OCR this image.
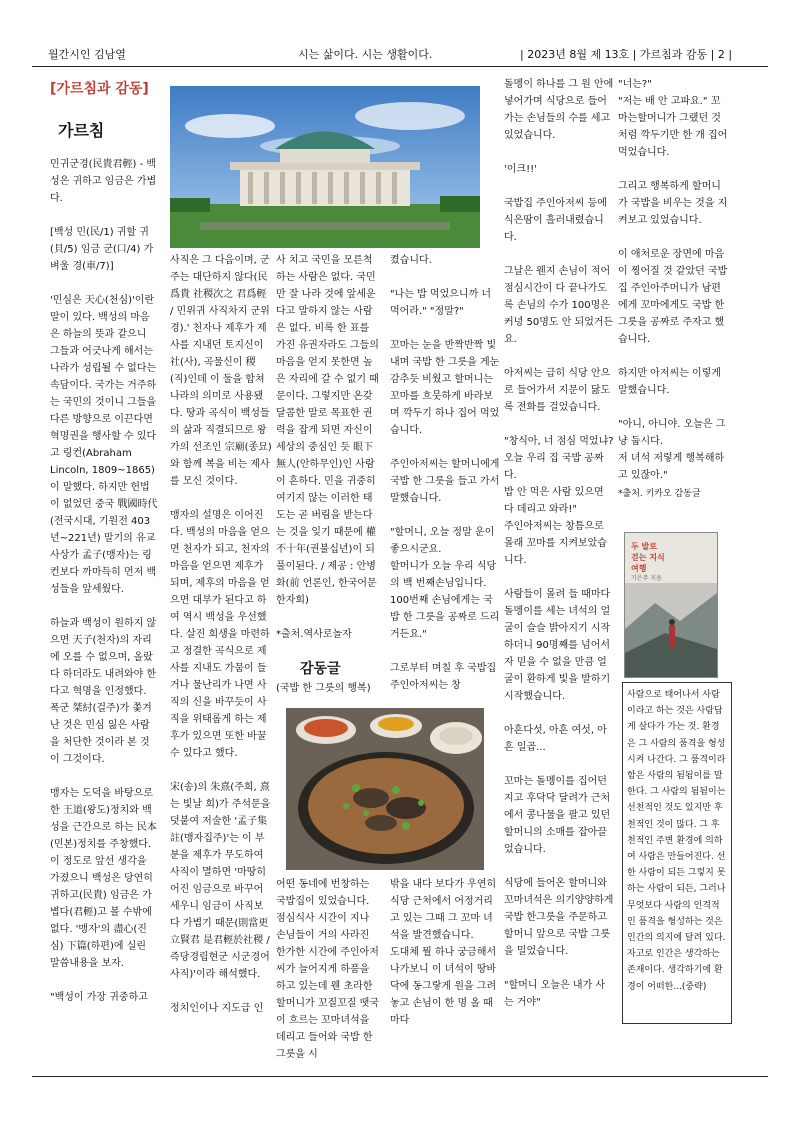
월간시인 김남열	시는 삶이다. 시는 생활이다.	| 2023년 8월 제 13호 | 가르침과 감동 | 2 |
[가르침과 감동]
가르침

민귀군경(民貴君輕) - 백성은 귀하고 임금은 가볍다.

[백성 민(民/1) 귀할 귀(貝/5) 임금 군(口/4) 가벼울 경(車/7)]

'민심은 天心(천심)'이란 말이 있다. 백성의 마음은 하늘의 뜻과 같으니 그들과 어긋나게 해서는 나라가 성립될 수 없다는 속담이다. 국가는 거주하는 국민의 것이니 그들을 다른 방향으로 이끈다면 혁명권을 행사할 수 있다고 링컨(Abraham Lincoln, 1809~1865)이 말했다. 하지만 헌법이 없었던 중국 戰國時代(전국시대, 기원전 403년~221년) 말기의 유교 사상가 孟子(맹자)는 링컨보다 까마득히 먼저 백성들을 앞세웠다.

하늘과 백성이 원하지 않으면 天子(천자)의 자리에 오를 수 없으며, 올랐다 하더라도 내려와야 한다고 혁명을 인정했다. 폭군 桀紂(걸주)가 쫓겨난 것은 민심 잃은 사람을 처단한 것이라 본 것이 그것이다.

맹자는 도덕을 바탕으로 한 王道(왕도)정치와 백성을 근간으로 하는 民本(민본)정치를 주창했다. 이 정도로 앞선 생각을 가졌으니 백성은 당연히 귀하고(民貴) 임금은 가볍다(君輕)고 볼 수밖에 없다. '맹자'의 盡心(진심) 下篇(하편)에 실린 말씀내용을 보자.

"백성이 가장 귀중하고

사직은 그 다음이며, 군주는 대단하지 않다(民爲貴 社稷次之 君爲輕 / 민위귀 사직차지 군위경).' 천자나 제후가 제사를 지내던 토지신이 社(사), 곡물신이 稷(직)인데 이 둘을 합쳐 나라의 의미로 사용됐다. 땅과 곡식이 백성들의 삶과 직결되므로 왕가의 선조인 宗廟(종묘)와 함께 복을 비는 제사를 모신 것이다.

맹자의 설명은 이어진다. 백성의 마음을 얻으면 천자가 되고, 천자의 마음을 얻으면 제후가 되며, 제후의 마음을 얻으면 대부가 된다고 하여 역시 백성을 우선했다. 살진 희생을 마련하고 정결한 곡식으로 제사를 지내도 가뭄이 들거나 물난리가 나면 사직의 신을 바꾸듯이 사직을 위태롭게 하는 제후가 있으면 또한 바꿀 수 있다고 했다.

宋(송)의 朱熹(주희, 熹는 빛날 희)가 주석문을 덧붙여 저술한 '孟子集註(맹자집주)'는 이 부분을 제후가 무도하여 사직이 멸하면 '마땅히 어진 임금으로 바꾸어 세우니 임금이 사직보다 가볍기 때문(則當更立賢君 是君輕於社稷 / 즉당경립현군 시군경어사직)'이라 해석했다.

정치인이나 지도급 인

사 치고 국민을 모른척 하는 사람은 없다. 국민만 잘 나라 것에 앞세운다고 말하지 않는 사람은 없다. 비록 한 표를 가진 유권자라도 그들의 마음을 얻지 못한면 높은 자리에 갈 수 없기 때문이다. 그렇지만 온갖 달콤한 말로 목표한 권력을 잡게 되면 자신이 세상의 중심인 듯 眼下無人(안하무인)인 사람이 흔하다. 민을 귀중히 여기지 않는 이러한 태도는 곧 버림을 받는다는 것을 잊기 때문에 權不十年(권불십년)이 되풀이된다. / 제공 : 안병화(前 언론인, 한국어문한자회)

*출처.역사로놀자

감동글
(국밥 한 그릇의 행복)

어떤 동네에 번창하는 국밥집이 있었습니다. 점심식사 시간이 지나 손님들이 거의 사라진 한가한 시간에 주인아저씨가 늘어지게 하품을 하고 있는데 웬 초라한 할머니가 꼬질꼬질 땟국이 흐르는 꼬마녀석을 데리고 들어와 국밥 한 그릇을 시

켰습니다.

"나는 밥 먹었으니까 너 먹어라." "정말?"

꼬마는 눈을 반짝반짝 빛내며 국밥 한 그릇을 게눈 감추듯 비웠고 할머니는 꼬마를 흐뭇하게 바라보며 깍두기 하나 집어 먹었습니다.

주인아저씨는 할머니에게 국밥 한 그릇을 들고 가서 말했습니다.

"할머니, 오늘 정말 운이 좋으시군요.

할머니가 오늘 우리 식당의 백 번째손님입니다.

100번째 손님에게는 국밥 한 그릇을 공짜로 드리거든요."

그로부터 며칠 후 국밥집 주인아저씨는 창

밖을 내다 보다가 우연히 식당 근처에서 어정거리고 있는 그때 그 꼬마 녀석을 발견했습니다.

도대체 뭘 하나 궁금해서 나가보니 이 녀석이 땅바닥에 동그랗게 원을 그려놓고 손님이 한 명 올 때마다

돌멩이 하나를 그 원 안에 넣어가며 식당으로 들어가는 손님들의 수를 세고 있었습니다.

'이크!!'

국밥집 주인아저씨 등에 식은땀이 흘러내렸습니다.

그날은 웬지 손님이 적어 점심시간이 다 끝나가도록 손님의 수가 100명은커녕 50명도 안 되었거든요.

아저씨는 급히 식당 안으로 들어가서 지문이 닳도록 전화를 걸었습니다.

"창식아, 너 점심 먹었냐?

오늘 우리 집 국밥 공짜다.

밥 안 먹은 사람 있으면 다 데리고 와라!"

주인아저씨는 창틈으로 몰래 꼬마를 지켜보았습니다.

사람들이 몰려 들 때마다 돌멩이를 세는 녀석의 얼굴이 슬슬 밝아지기 시작하더니 90명째를 넘어서자 믿을 수 없을 만큼 얼굴이 환하게 빛을 발하기 시작했습니다.

아흔다섯, 아흔 여섯, 아흔 일곱...

꼬마는 돌멩이를 집어던지고 후닥닥 달려가 근처에서 콩나물을 팔고 있던 할머니의 소매를 잡아끌었습니다.

식당에 들어온 할머니와 꼬마녀석은 의기양양하게 국밥 한그릇을 주문하고 할머니 앞으로 국밥 그릇을 밀었습니다.

"할머니 오늘은 내가 사는 거야"

"너는?"

"저는 배 안 고파요." 꼬마는할머니가 그랬던 것처럼 깍두기만 한 개 집어 먹었습니다.

그리고 행복하게 할머니가 국밥을 비우는 것을 지켜보고 있었습니다.

이 애처로운 장면에 마음이 찡어질 것 같았던 국밥집 주인아주머니가 남편에게 꼬마에게도 국밥 한 그릇을 공짜로 주자고 했습니다.

하지만 아저씨는 이렇게 말했습니다.

"아니, 아니야. 오늘은 그냥 둡시다.

저 녀석 저렇게 행복해하고 있잖아."

*출처. 키카오 감동글

두 발로
걷는 지식
여행
기은주 지음
사람으로 태어나서 사람이라고 하는 것은 사람답게 살다가 가는 것. 환경은 그 사람의 품격을 형성시켜 나간다. 그 품격이라함은 사람의 됨됨이를 말한다. 그 사람의 됨됨이는 선천적인 것도 있지만 후천적인 것이 많다. 그 후천적인 주변 환경에 의하여 사람은 만들어진다. 선한 사람이 되든 그렇지 못하는 사람이 되든, 그러나 무엇보다 사람의 인격적인 품격을 형성하는 것은 인간의 의지에 달려 있다. 자고로 인간은 생각하는 존재이다. 생각하기에 환경이 어떠한...(중략)
